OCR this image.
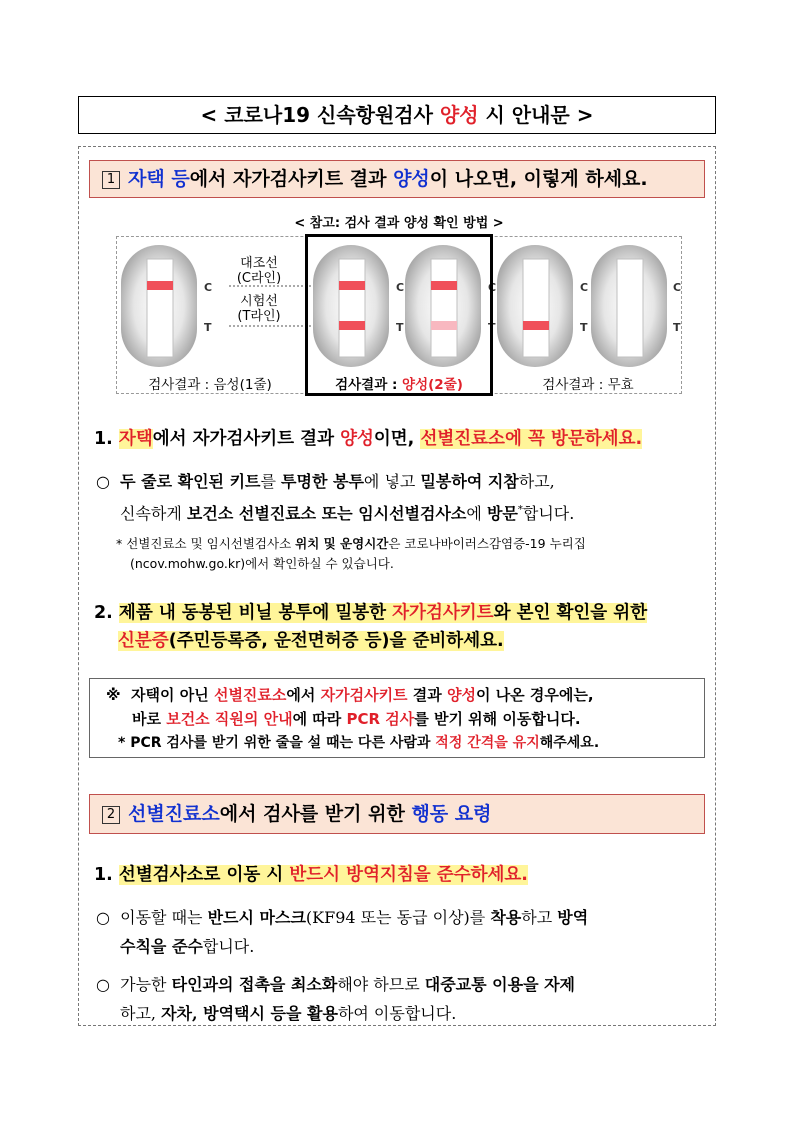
< 코로나19 신속항원검사 양성 시 안내문 >
1 자택 등에서 자가검사키트 결과 양성이 나오면, 이렇게 하세요.
< 참고: 검사 결과 양성 확인 방법 >
C
T
C
T
C
T
C
T
C
T
대조선
(C라인)
시험선
(T라인)
검사결과 : 음성(1줄)	검사결과 : 양성(2줄)	검사결과 : 무효
1. 자택에서 자가검사키트 결과 양성이면, 선별진료소에 꼭 방문하세요.
○ 두 줄로 확인된 키트를 투명한 봉투에 넣고 밀봉하여 지참하고,
신속하게 보건소 선별진료소 또는 임시선별검사소에 방문*합니다.
* 선별진료소 및 임시선별검사소 위치 및 운영시간은 코로나바이러스감염증-19 누리집
(ncov.mohw.go.kr)에서 확인하실 수 있습니다.
2. 제품 내 동봉된 비닐 봉투에 밀봉한 자가검사키트와 본인 확인을 위한
신분증(주민등록증, 운전면허증 등)을 준비하세요.
※ 자택이 아닌 선별진료소에서 자가검사키트 결과 양성이 나온 경우에는,
바로 보건소 직원의 안내에 따라 PCR 검사를 받기 위해 이동합니다.
* PCR 검사를 받기 위한 줄을 설 때는 다른 사람과 적정 간격을 유지해주세요.
2 선별진료소에서 검사를 받기 위한 행동 요령
1. 선별검사소로 이동 시 반드시 방역지침을 준수하세요.
○ 이동할 때는 반드시 마스크(KF94 또는 동급 이상)를 착용하고 방역
수칙을 준수합니다.
○ 가능한 타인과의 접촉을 최소화해야 하므로 대중교통 이용을 자제
하고, 자차, 방역택시 등을 활용하여 이동합니다.
